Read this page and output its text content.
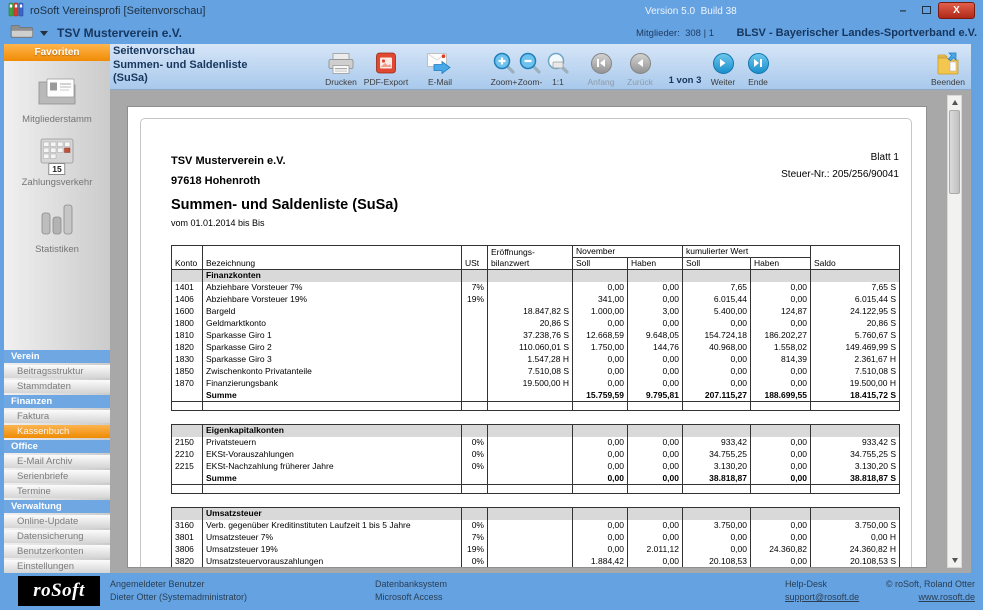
roSoft Vereinsprofi [Seitenvorschau]	Version 5.0  Build 38	–	X
TSV Musterverein e.V.	Mitglieder:  308 | 1 BLSV - Bayerischer Landes-Sportverband e.V.
Favoriten
Mitgliederstamm
15
Zahlungsverkehr
Statistiken
Verein
Beitragsstruktur
Stammdaten
Finanzen
Faktura
Kassenbuch
Office
E-Mail Archiv
Serienbriefe
Termine
Verwaltung
Online-Update
Datensicherung
Benutzerkonten
Einstellungen
Seitenvorschau
Summen- und Saldenliste
(SuSa)	Drucken PDF-Export E-Mail	Zoom+ Zoom- 1:1	Anfang Zurück	1 von 3	Weiter Ende	Beenden
TSV Musterverein e.V.
97618 Hohenroth
Blatt 1
Steuer-Nr.: 205/256/90041
Summen- und Saldenliste (SuSa)
vom 01.01.2014 bis Bis
Konto	Bezeichnung	USt	Eröffnungs-
bilanzwert	November		kumulierter Wert		Saldo
				Soll	Haben	Soll	Haben	
	Finanzkonten							
1401	Abziehbare Vorsteuer 7%	7%		0,00	0,00	7,65	0,00	7,65 S
1406	Abziehbare Vorsteuer 19%	19%		341,00	0,00	6.015,44	0,00	6.015,44 S
1600	Bargeld		18.847,82 S	1.000,00	3,00	5.400,00	124,87	24.122,95 S
1800	Geldmarktkonto		20,86 S	0,00	0,00	0,00	0,00	20,86 S
1810	Sparkasse Giro 1		37.238,76 S	12.668,59	9.648,05	154.724,18	186.202,27	5.760,67 S
1820	Sparkasse Giro 2		110.060,01 S	1.750,00	144,76	40.968,00	1.558,02	149.469,99 S
1830	Sparkasse Giro 3		1.547,28 H	0,00	0,00	0,00	814,39	2.361,67 H
1850	Zwischenkonto Privatanteile		7.510,08 S	0,00	0,00	0,00	0,00	7.510,08 S
1870	Finanzierungsbank		19.500,00 H	0,00	0,00	0,00	0,00	19.500,00 H
	Summe			15.759,59	9.795,81	207.115,27	188.699,55	18.415,72 S

	Eigenkapitalkonten							
2150	Privatsteuern	0%		0,00	0,00	933,42	0,00	933,42 S
2210	EKSt-Vorauszahlungen	0%		0,00	0,00	34.755,25	0,00	34.755,25 S
2215	EKSt-Nachzahlung früherer Jahre	0%		0,00	0,00	3.130,20	0,00	3.130,20 S
	Summe			0,00	0,00	38.818,87	0,00	38.818,87 S

	Umsatzsteuer							
3160	Verb. gegenüber Kreditinstituten Laufzeit 1 bis 5 Jahre	0%		0,00	0,00	3.750,00	0,00	3.750,00 S
3801	Umsatzsteuer 7%	7%		0,00	0,00	0,00	0,00	0,00 H
3806	Umsatzsteuer 19%	19%		0,00	2.011,12	0,00	24.360,82	24.360,82 H
3820	Umsatzsteuervorauszahlungen	0%		1.884,42	0,00	20.108,53	0,00	20.108,53 S
roSoft	Angemeldeter Benutzer
Dieter Otter (Systemadministrator)
Datenbanksystem
Microsoft Access
Help-Desk
support@rosoft.de
© roSoft, Roland Otter
www.rosoft.de
